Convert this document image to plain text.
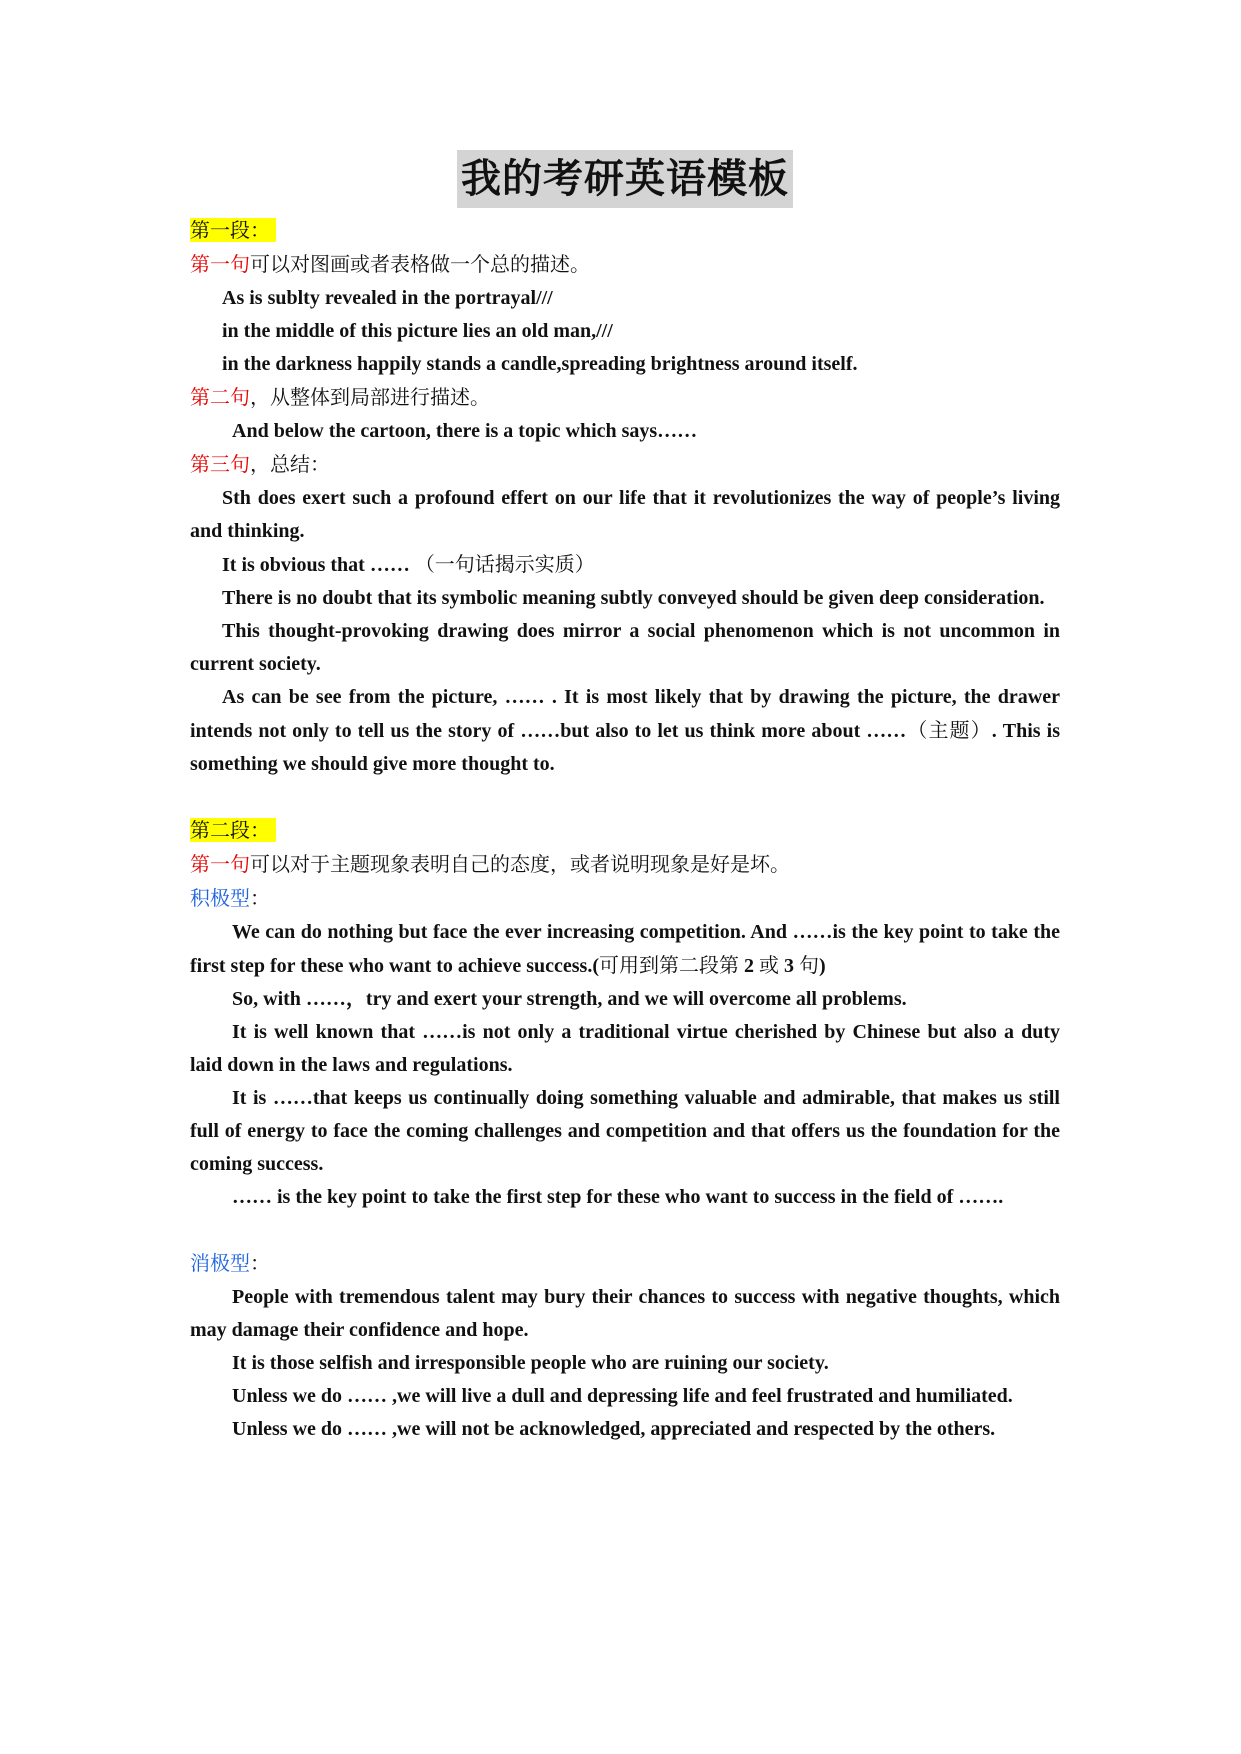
我的考研英语模板

第一段：

第一句可以对图画或者表格做一个总的描述。

As is sublty revealed in the portrayal///

in the middle of this picture lies an old man,///

in the darkness happily stands a candle,spreading brightness around itself.

第二句，从整体到局部进行描述。

And below the cartoon, there is a topic which says……

第三句，总结：

Sth does exert such a profound effert on our life that it revolutionizes the way of people’s living and thinking.

It is obvious that …… （一句话揭示实质）

There is no doubt that its symbolic meaning subtly conveyed should be given deep consideration.

This thought-provoking drawing does mirror a social phenomenon which is not uncommon in current society.

As can be see from the picture, …… . It is most likely that by drawing the picture, the drawer intends not only to tell us the story of ……but also to let us think more about ……（主题）. This is something we should give more thought to.

第二段：

第一句可以对于主题现象表明自己的态度，或者说明现象是好是坏。

积极型：

We can do nothing but face the ever increasing competition. And ……is the key point to take the first step for these who want to achieve success.(可用到第二段第 2 或 3 句)

So, with ……，try and exert your strength, and we will overcome all problems.

It is well known that ……is not only a traditional virtue cherished by Chinese but also a duty laid down in the laws and regulations.

It is ……that keeps us continually doing something valuable and admirable, that makes us still full of energy to face the coming challenges and competition and that offers us the foundation for the coming success.

…… is the key point to take the first step for these who want to success in the field of …….

消极型：

People with tremendous talent may bury their chances to success with negative thoughts, which may damage their confidence and hope.

It is those selfish and irresponsible people who are ruining our society.

Unless we do …… ,we will live a dull and depressing life and feel frustrated and humiliated.

Unless we do …… ,we will not be acknowledged, appreciated and respected by the others.
